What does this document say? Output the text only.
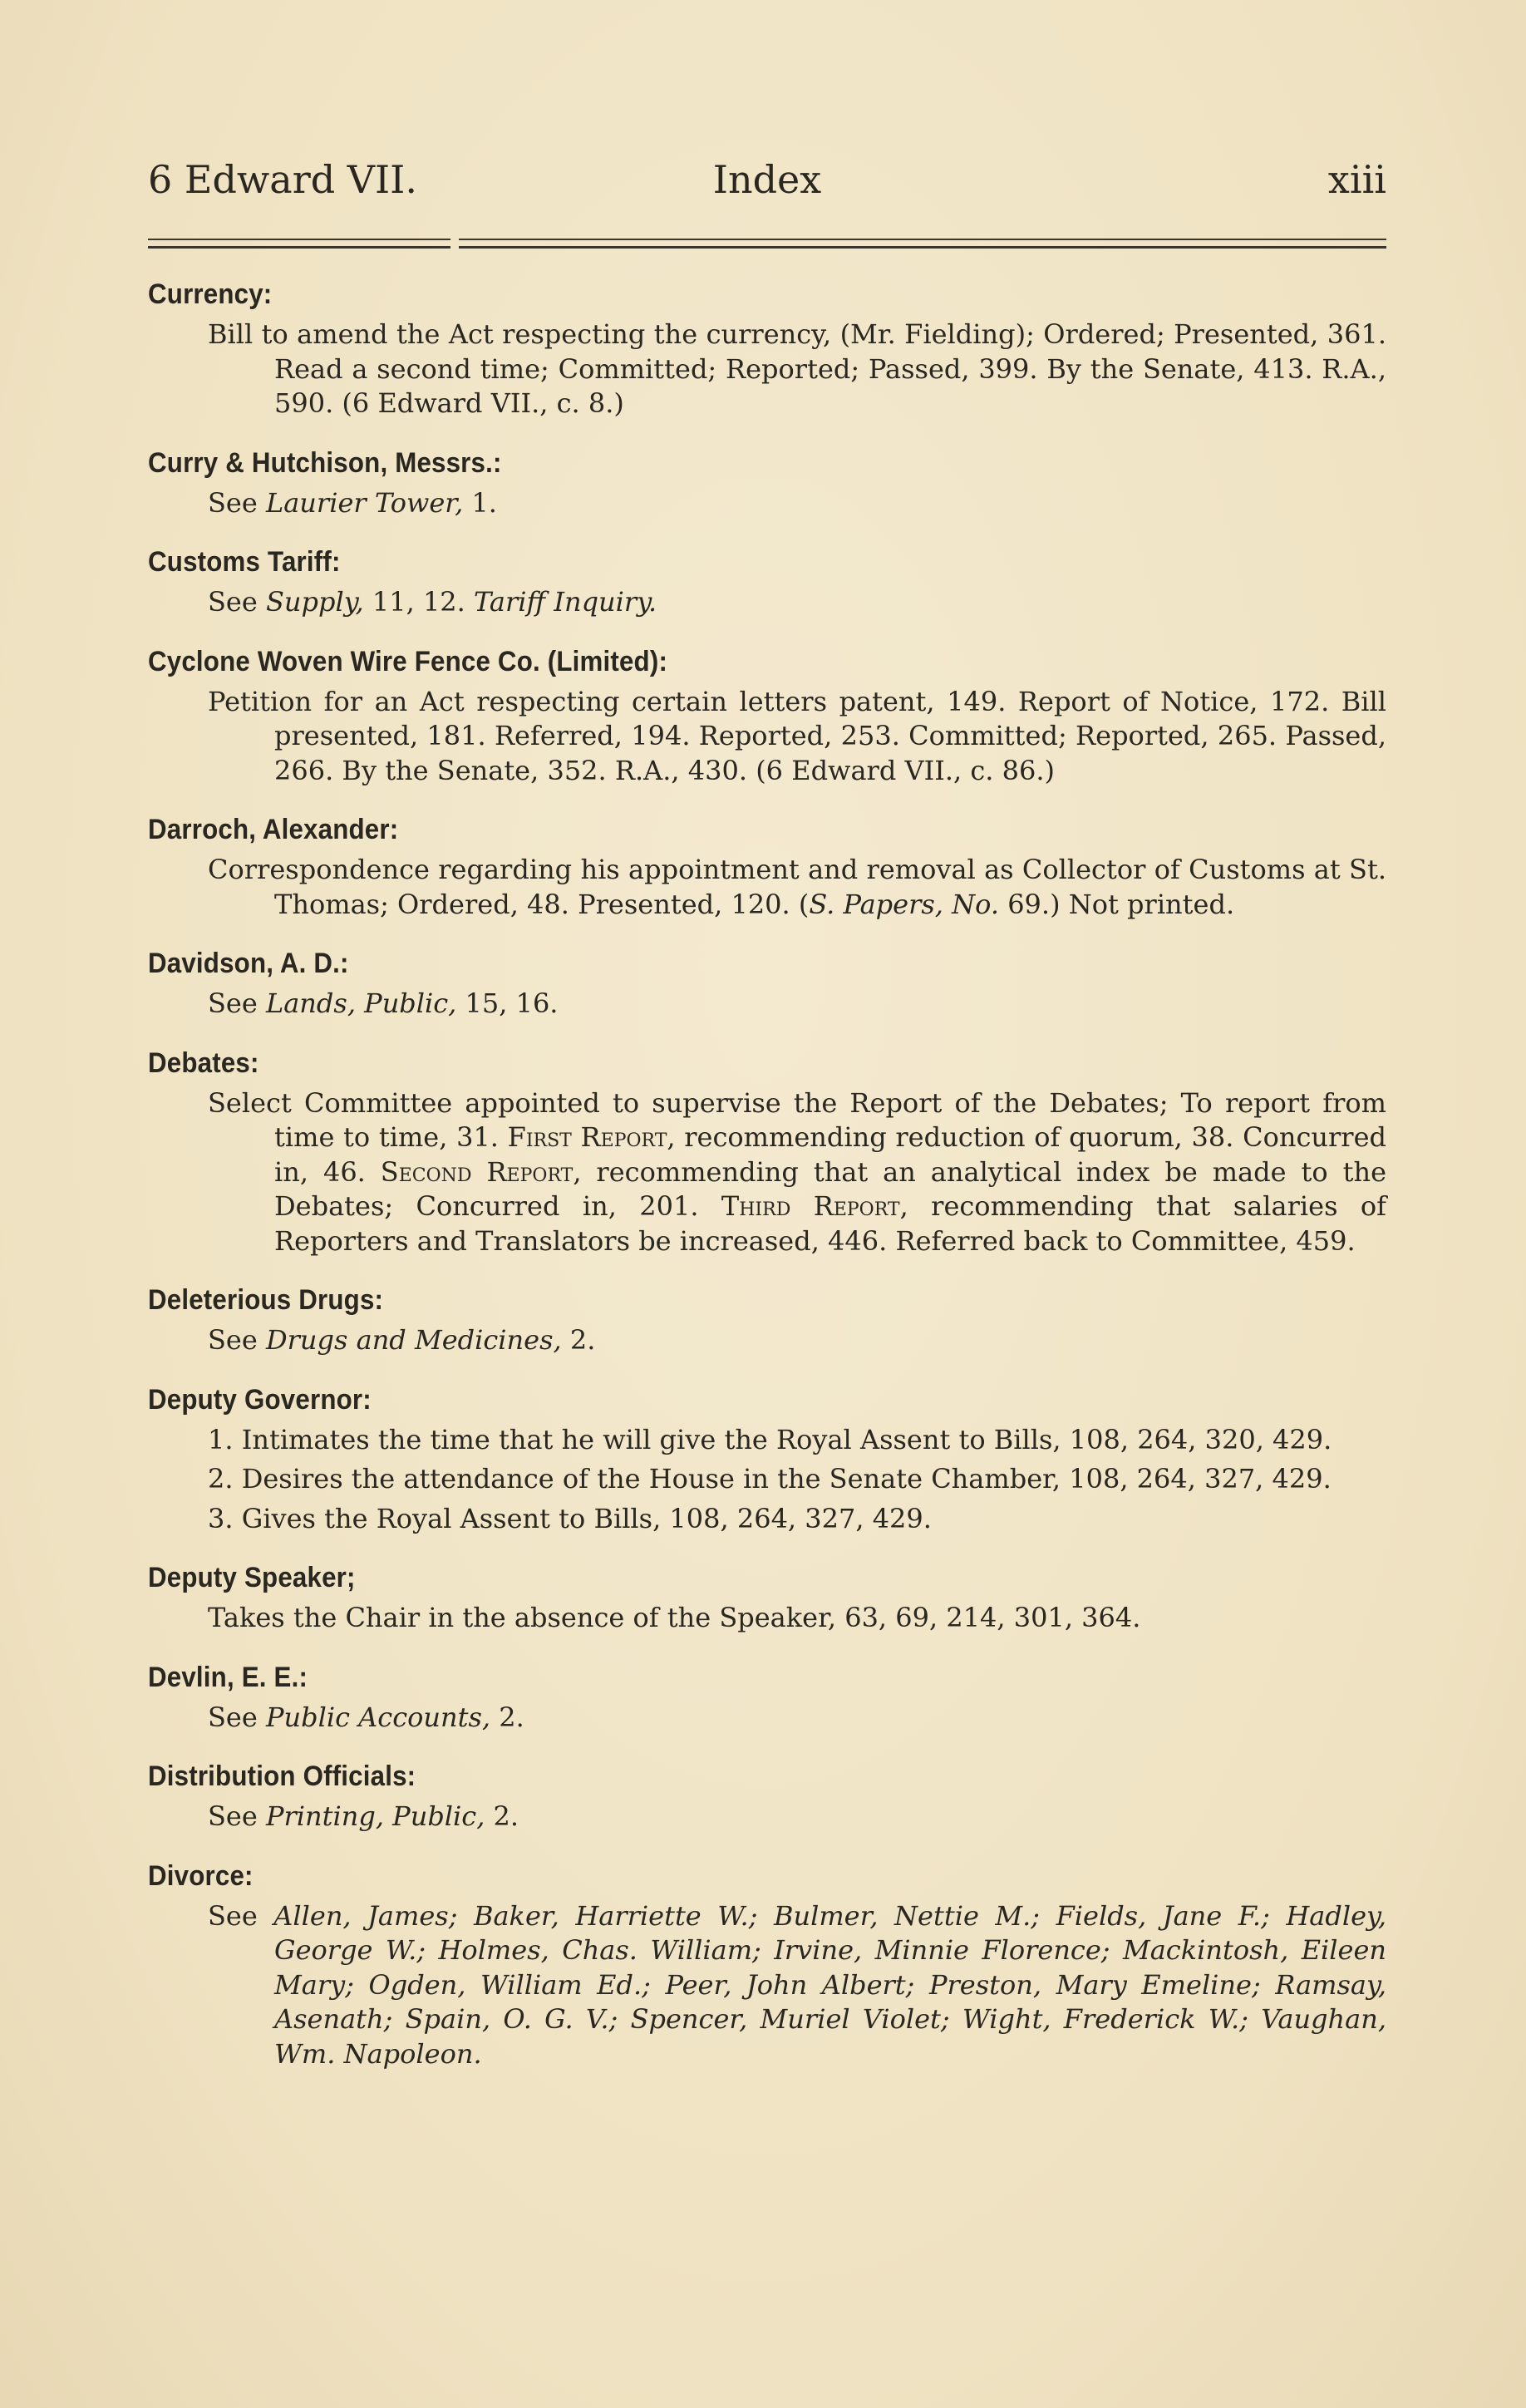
6 Edward VII.	Index	xiii
Currency:
Bill to amend the Act respecting the currency, (Mr. Fielding); Ordered; Presented, 361. Read a second time; Committed; Reported; Passed, 399. By the Senate, 413. R.A., 590. (6 Edward VII., c. 8.)
Curry & Hutchison, Messrs.:
See Laurier Tower, 1.
Customs Tariff:
See Supply, 11, 12. Tariff Inquiry.
Cyclone Woven Wire Fence Co. (Limited):
Petition for an Act respecting certain letters patent, 149. Report of Notice, 172. Bill presented, 181. Referred, 194. Reported, 253. Committed; Reported, 265. Passed, 266. By the Senate, 352. R.A., 430. (6 Edward VII., c. 86.)
Darroch, Alexander:
Correspondence regarding his appointment and removal as Collector of Customs at St. Thomas; Ordered, 48. Presented, 120. (S. Papers, No. 69.) Not printed.
Davidson, A. D.:
See Lands, Public, 15, 16.
Debates:
Select Committee appointed to supervise the Report of the Debates; To report from time to time, 31. First Report, recommending reduction of quorum, 38. Concurred in, 46. Second Report, recommending that an analytical index be made to the Debates; Concurred in, 201. Third Report, recommending that salaries of Reporters and Translators be increased, 446. Referred back to Committee, 459.
Deleterious Drugs:
See Drugs and Medicines, 2.
Deputy Governor:
1. Intimates the time that he will give the Royal Assent to Bills, 108, 264, 320, 429.
2. Desires the attendance of the House in the Senate Chamber, 108, 264, 327, 429.
3. Gives the Royal Assent to Bills, 108, 264, 327, 429.
Deputy Speaker;
Takes the Chair in the absence of the Speaker, 63, 69, 214, 301, 364.
Devlin, E. E.:
See Public Accounts, 2.
Distribution Officials:
See Printing, Public, 2.
Divorce:
See Allen, James; Baker, Harriette W.; Bulmer, Nettie M.; Fields, Jane F.; Hadley, George W.; Holmes, Chas. William; Irvine, Minnie Florence; Mackintosh, Eileen Mary; Ogden, William Ed.; Peer, John Albert; Preston, Mary Emeline; Ramsay, Asenath; Spain, O. G. V.; Spencer, Muriel Violet; Wight, Frederick W.; Vaughan, Wm. Napoleon.
